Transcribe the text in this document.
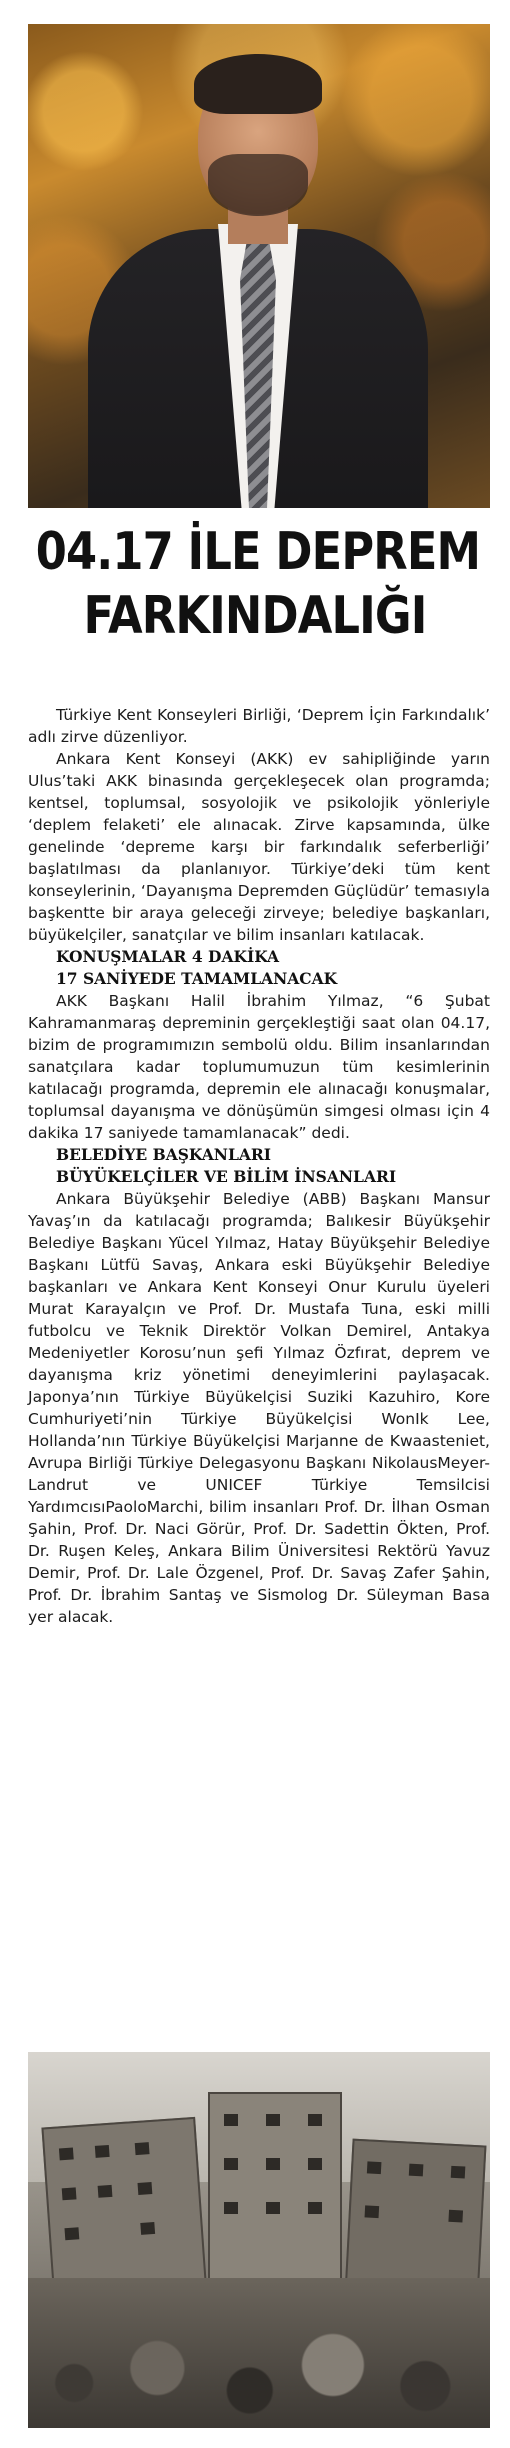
04.17 İLE DEPREM
FARKINDALIĞI

Türkiye Kent Konseyleri Birliği, ‘Deprem İçin Farkındalık’ adlı zirve düzenliyor.

Ankara Kent Konseyi (AKK) ev sahipliğinde yarın Ulus’taki AKK binasında gerçekleşecek olan programda; kentsel, toplumsal, sosyolojik ve psikolojik yönleriyle ‘deplem felaketi’ ele alınacak. Zirve kapsamında, ülke genelinde ‘depreme karşı bir farkındalık seferberliği’ başlatılması da planlanıyor. Türkiye’deki tüm kent konseylerinin, ‘Dayanışma Depremden Güçlüdür’ temasıyla başkentte bir araya geleceği zirveye; belediye başkanları, büyükelçiler, sanatçılar ve bilim insanları katılacak.

KONUŞMALAR 4 DAKİKA
17 SANİYEDE TAMAMLANACAK

AKK Başkanı Halil İbrahim Yılmaz, “6 Şubat Kahramanmaraş depreminin gerçekleştiği saat olan 04.17, bizim de programımızın sembolü oldu. Bilim insanlarından sanatçılara kadar toplumumuzun tüm kesimlerinin katılacağı programda, depremin ele alınacağı konuşmalar, toplumsal dayanışma ve dönüşümün simgesi olması için 4 dakika 17 saniyede tamamlanacak” dedi.

BELEDİYE BAŞKANLARI
BÜYÜKELÇİLER VE BİLİM İNSANLARI

Ankara Büyükşehir Belediye (ABB) Başkanı Mansur Yavaş’ın da katılacağı programda; Balıkesir Büyükşehir Belediye Başkanı Yücel Yılmaz, Hatay Büyükşehir Belediye Başkanı Lütfü Savaş, Ankara eski Büyükşehir Belediye başkanları ve Ankara Kent Konseyi Onur Kurulu üyeleri Murat Karayalçın ve Prof. Dr. Mustafa Tuna, eski milli futbolcu ve Teknik Direktör Volkan Demirel, Antakya Medeniyetler Korosu’nun şefi Yılmaz Özfırat, deprem ve dayanışma kriz yönetimi deneyimlerini paylaşacak. Japonya’nın Türkiye Büyükelçisi Suziki Kazuhiro, Kore Cumhuriyeti’nin Türkiye Büyükelçisi WonIk Lee, Hollanda’nın Türkiye Büyükelçisi Marjanne de Kwaasteniet, Avrupa Birliği Türkiye Delegasyonu Başkanı NikolausMeyer-Landrut ve UNICEF Türkiye Temsilcisi YardımcısıPaoloMarchi, bilim insanları Prof. Dr. İlhan Osman Şahin, Prof. Dr. Naci Görür, Prof. Dr. Sadettin Ökten, Prof. Dr. Ruşen Keleş, Ankara Bilim Üniversitesi Rektörü Yavuz Demir, Prof. Dr. Lale Özgenel, Prof. Dr. Savaş Zafer Şahin, Prof. Dr. İbrahim Santaş ve Sismolog Dr. Süleyman Basa yer alacak.
